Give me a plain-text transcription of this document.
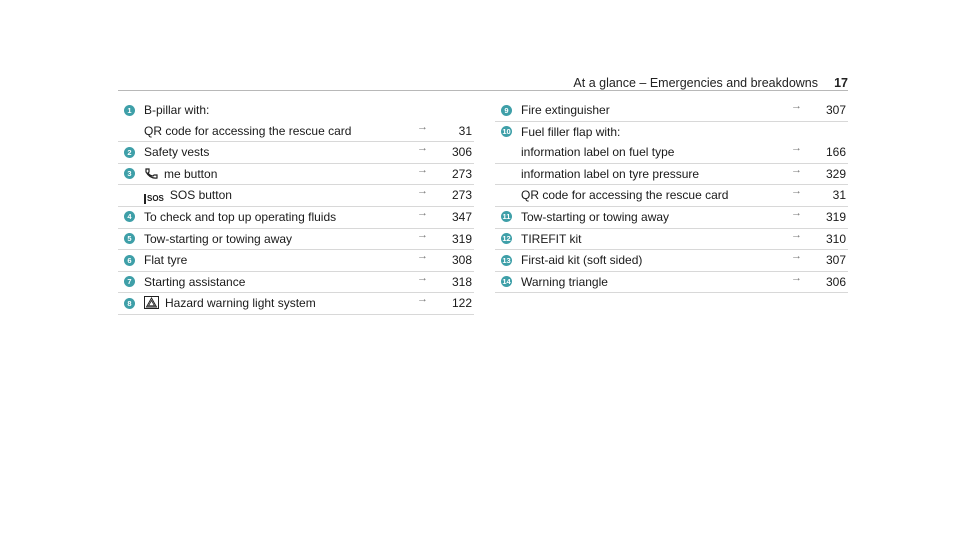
At a glance – Emergencies and breakdowns 17
1 B-pillar with:
QR code for accessing the rescue card	→	31
2 Safety vests	→	306
3	me button	→	273
SOS SOS button	→	273
4 To check and top up operating fluids	→	347
5 Tow-starting or towing away	→	319
6 Flat tyre	→	308
7 Starting assistance	→	318
8	Hazard warning light system	→	122
9 Fire extinguisher	→	307
10 Fuel filler flap with:
information label on fuel type	→	166
information label on tyre pressure	→	329
QR code for accessing the rescue card	→	31
11 Tow-starting or towing away	→	319
12 TIREFIT kit	→	310
13 First-aid kit (soft sided)	→	307
14 Warning triangle	→	306
